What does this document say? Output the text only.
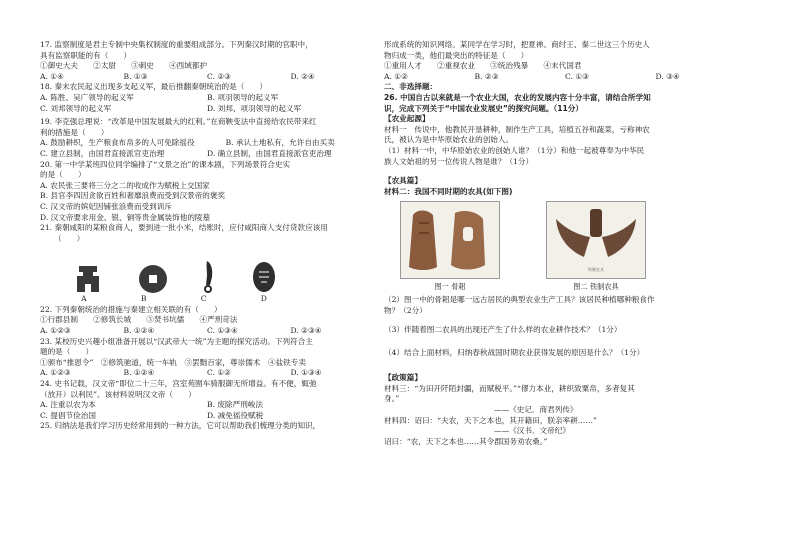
17. 监察制度是君主专制中央集权制度的重要组成部分。下列秦汉时期的官职中，
具有监察职能的有（　　）
①御史大夫　　②太尉　　③刺史　　④西域都护
A. ①④	B. ①③	C. ②③	D. ②④
18. 秦末农民起义出现多支起义军，最后推翻秦朝统治的是（　　）
A. 陈胜、吴广领导的起义军	B. 项羽领导的起义军
C. 刘邦领导的起义军	D. 刘邦、项羽领导的起义军
19. 李克强总理说：“改革是中国发展最大的红利。”在商鞅变法中直接给农民带来红
利的措施是（　　）
A. 鼓励耕织，生产粮食布帛多的人可免除徭役	B. 承认土地私有，允许自由买卖
C. 建立县制，由国君直接派官吏治理	D. 确立县制，由国君直接派官吏治理
20. 第一中学某班四位同学编排了“文景之治”的课本剧，下列场景符合史实
的是（　　）
A. 农民张三要将三分之二的收成作为赋税上交国家
B. 县官李四因贪欲百姓和奢靡浪费而受到汉景帝的褒奖
C. 汉文帝的嫔妃因铺张浪费而受到训斥
D. 汉文帝要求用金、银、铜等贵金属装饰他的陵墓
21. 秦朝咸阳的某粮食商人，要到进一批小米，结账时，应付咸阳商人支付货款应该用
（　　）
A	B	C	D
22. 下列秦朝统治的措施与秦建立相关联的有（　　）
①行郡县制　　②修筑长城　　③焚书坑儒　　④严刑苛法
A. ①②③	B. ①②④	C. ①③④	D. ②③④
23. 某校历史兴趣小组准备开展以“汉武帝大一统”为主题的探究活动。下列符合主
题的是（　　）
①颁布“推恩令”　②修筑驰道，统一车轨　③罢黜百家，尊崇儒术　④盐铁专卖
A. ①②③	B. ①②④	C. ①②	D. ①③④
24. 史书记载，汉文帝“即位二十三年，宫室苑囿车骑服御无所增益。有不便，辄弛
（放开）以利民”。该材料说明汉文帝（　　）
A. 注重以农为本	B. 废除严刑峻法
C. 提倡节俭治国	D. 减免徭役赋税
25. 归纳法是我们学习历史经常用到的一种方法，它可以帮助我们梳理分类的知识，
形成系统的知识网络。某同学在学习时，把夏禅、商纣王、秦二世这三个历史人
物归成一类，他们最突出的特征是（　　）
①重用人才　　②重视农业　　③统治残暴　　④末代国君
A. ①②	B. ②③	C. ①③	D. ③④
二、非选择题：
26. 中国自古以来就是一个农业大国，农业的发展内容十分丰富，请结合所学知
识，完成下列关于“中国农业发展史”的探究问题。（11分）
【农业起源】
材料一　传说中，他教民开垦耕种，制作生产工具，培植五谷和蔬菜，亏称神农
氏，被认为是中华原始农业的创始人。
（1）材料一中，中华原始农业的创始人谁？（1分）和他一起被尊奉为中华民
族人文始祖的另一位传说人物是谁？（1分）
【农具篇】
材料二：我国不同时期的农具(如下图)
图一 骨耜
铁制农具
图二 铁制农具
（2）图一中的骨耜是哪一远古居民的典型农业生产工具？该居民种植哪种粮食作
物？（2分）
（3）伴随着图二农具的出现还产生了什么样的农业耕作技术？（1分）
（4）结合上面材料，归纳春秋战国时期农业获得发展的原因是什么？（1分）
【政策篇】
材料三：“为田开阡陌封疆，而赋税平。”“僇力本业，耕织致粟帛，多者复其
身。”
——《史记．商君列传》
材料四：诏曰：“夫农，天下之本也，其开籍田，朕亲率耕……”
——《汉书．文帝纪》
诏曰：“农，天下之本也……其令郡国务劝农桑。”
